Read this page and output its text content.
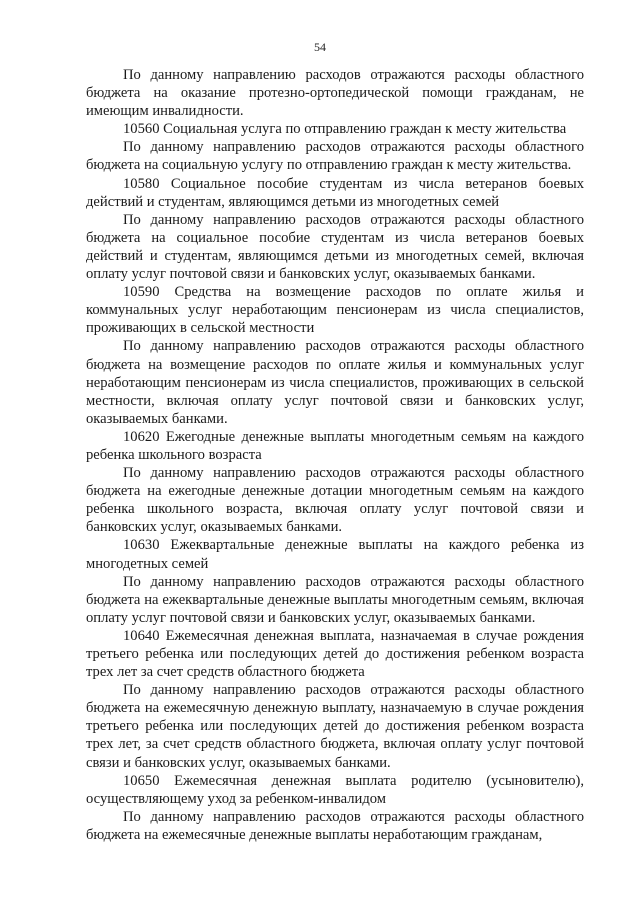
54

По данному направлению расходов отражаются расходы областного бюджета на оказание протезно-ортопедической помощи гражданам, не имеющим инвалидности.

10560 Социальная услуга по отправлению граждан к месту жительства

По данному направлению расходов отражаются расходы областного бюджета на социальную услугу по отправлению граждан к месту жительства.

10580 Социальное пособие студентам из числа ветеранов боевых действий и студентам, являющимся детьми из многодетных семей

По данному направлению расходов отражаются расходы областного бюджета на социальное пособие студентам из числа ветеранов боевых действий и студентам, являющимся детьми из многодетных семей, включая оплату услуг почтовой связи и банковских услуг, оказываемых банками.

10590 Средства на возмещение расходов по оплате жилья и коммунальных услуг неработающим пенсионерам из числа специалистов, проживающих в сельской местности

По данному направлению расходов отражаются расходы областного бюджета на возмещение расходов по оплате жилья и коммунальных услуг неработающим пенсионерам из числа специалистов, проживающих в сельской местности, включая оплату услуг почтовой связи и банковских услуг, оказываемых банками.

10620 Ежегодные денежные выплаты многодетным семьям на каждого ребенка школьного возраста

По данному направлению расходов отражаются расходы областного бюджета на ежегодные денежные дотации многодетным семьям на каждого ребенка школьного возраста, включая оплату услуг почтовой связи и банковских услуг, оказываемых банками.

10630 Ежеквартальные денежные выплаты на каждого ребенка из многодетных семей

По данному направлению расходов отражаются расходы областного бюджета на ежеквартальные денежные выплаты многодетным семьям, включая оплату услуг почтовой связи и банковских услуг, оказываемых банками.

10640 Ежемесячная денежная выплата, назначаемая в случае рождения третьего ребенка или последующих детей до достижения ребенком возраста трех лет за счет средств областного бюджета

По данному направлению расходов отражаются расходы областного бюджета на ежемесячную денежную выплату, назначаемую в случае рождения третьего ребенка или последующих детей до достижения ребенком возраста трех лет, за счет средств областного бюджета, включая оплату услуг почтовой связи и банковских услуг, оказываемых банками.

10650 Ежемесячная денежная выплата родителю (усыновителю), осуществляющему уход за ребенком-инвалидом

По данному направлению расходов отражаются расходы областного бюджета на ежемесячные денежные выплаты неработающим гражданам,
